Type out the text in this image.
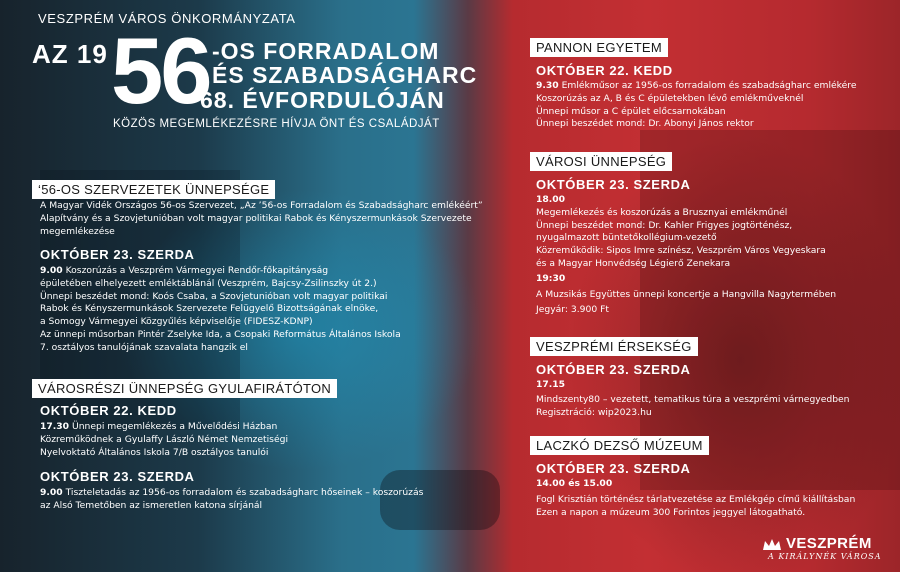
VESZPRÉM VÁROS ÖNKORMÁNYZATA
AZ 19 56 -OS FORRADALOM
ÉS SZABADSÁGHARC
68. ÉVFORDULÓJÁN
KÖZÖS MEGEMLÉKEZÉSRE HÍVJA ÖNT ÉS CSALÁDJÁT
‘56-OS SZERVEZETEK ÜNNEPSÉGE
A Magyar Vidék Országos 56-os Szervezet, „Az ’56-os Forradalom és Szabadságharc emlékéért”
Alapítvány és a Szovjetunióban volt magyar politikai Rabok és Kényszermunkások Szervezete
megemlékezése
OKTÓBER 23. SZERDA
9.00 Koszorúzás a Veszprém Vármegyei Rendőr-főkapitányság
épületében elhelyezett emléktáblánál (Veszprém, Bajcsy-Zsilinszky út 2.)
Ünnepi beszédet mond: Koós Csaba, a Szovjetunióban volt magyar politikai
Rabok és Kényszermunkások Szervezete Felügyelő Bizottságának elnöke,
a Somogy Vármegyei Közgyűlés képviselője (FIDESZ-KDNP)
Az ünnepi műsorban Pintér Zselyke Ida, a Csopaki Református Általános Iskola
7. osztályos tanulójának szavalata hangzik el
VÁROSRÉSZI ÜNNEPSÉG GYULAFIRÁTÓTON
OKTÓBER 22. KEDD
17.30 Ünnepi megemlékezés a Művelődési Házban
Közreműködnek a Gyulaffy László Német Nemzetiségi
Nyelvoktató Általános Iskola 7/B osztályos tanulói
OKTÓBER 23. SZERDA
9.00 Tiszteletadás az 1956-os forradalom és szabadságharc hőseinek – koszorúzás
az Alsó Temetőben az ismeretlen katona sírjánál
PANNON EGYETEM
OKTÓBER 22. KEDD
9.30 Emlékműsor az 1956-os forradalom és szabadságharc emlékére
Koszorúzás az A, B és C épületekben lévő emlékműveknél
Ünnepi műsor a C épület előcsarnokában
Ünnepi beszédet mond: Dr. Abonyi János rektor
VÁROSI ÜNNEPSÉG
OKTÓBER 23. SZERDA
18.00
Megemlékezés és koszorúzás a Brusznyai emlékműnél
Ünnepi beszédet mond: Dr. Kahler Frigyes jogtörténész,
nyugalmazott büntetőkollégium-vezető
Közreműködik: Sipos Imre színész, Veszprém Város Vegyeskara
és a Magyar Honvédség Légierő Zenekara
19:30
A Muzsikás Együttes ünnepi koncertje a Hangvilla Nagytermében
Jegyár: 3.900 Ft
VESZPRÉMI ÉRSEKSÉG
OKTÓBER 23. SZERDA
17.15
Mindszenty80 – vezetett, tematikus túra a veszprémi várnegyedben
Regisztráció: wip2023.hu
LACZKÓ DEZSŐ MÚZEUM
OKTÓBER 23. SZERDA
14.00 és 15.00
Fogl Krisztián történész tárlatvezetése az Emlékgép című kiállításban
Ezen a napon a múzeum 300 Forintos jeggyel látogatható.
VESZPRÉM
A KIRÁLYNÉK VÁROSA
